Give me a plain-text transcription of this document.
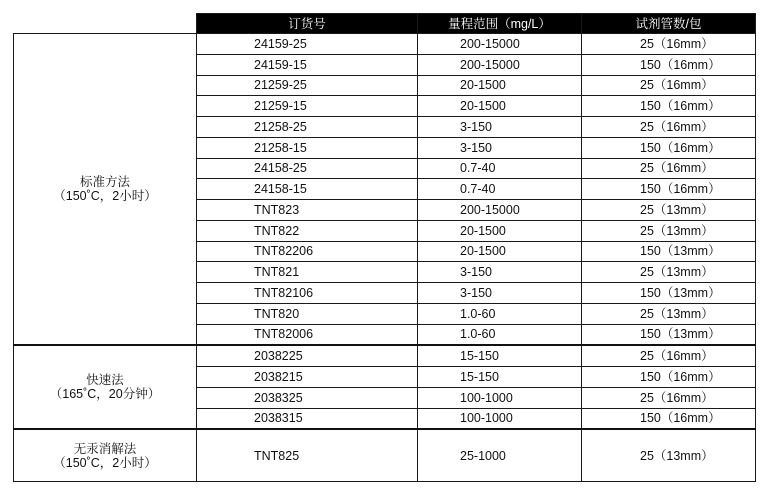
	订货号	量程范围（mg/L）	试剂管数/包

标准方法
（150˚C，2小时）	24159-25	200-15000	25（16mm）
	24159-15	200-15000	150（16mm）
	21259-25	20-1500	25（16mm）
	21259-15	20-1500	150（16mm）
	21258-25	3-150	25（16mm）
	21258-15	3-150	150（16mm）
	24158-25	0.7-40	25（16mm）
	24158-15	0.7-40	150（16mm）
	TNT823	200-15000	25（13mm）
	TNT822	20-1500	25（13mm）
	TNT82206	20-1500	150（13mm）
	TNT821	3-150	25（13mm）
	TNT82106	3-150	150（13mm）
	TNT820	1.0-60	25（13mm）
	TNT82006	1.0-60	150（13mm）

快速法
（165˚C，20分钟）	2038225	15-150	25（16mm）
	2038215	15-150	150（16mm）
	2038325	100-1000	25（16mm）
	2038315	100-1000	150（16mm）

无汞消解法
（150˚C，2小时）	TNT825	25-1000	25（13mm）
